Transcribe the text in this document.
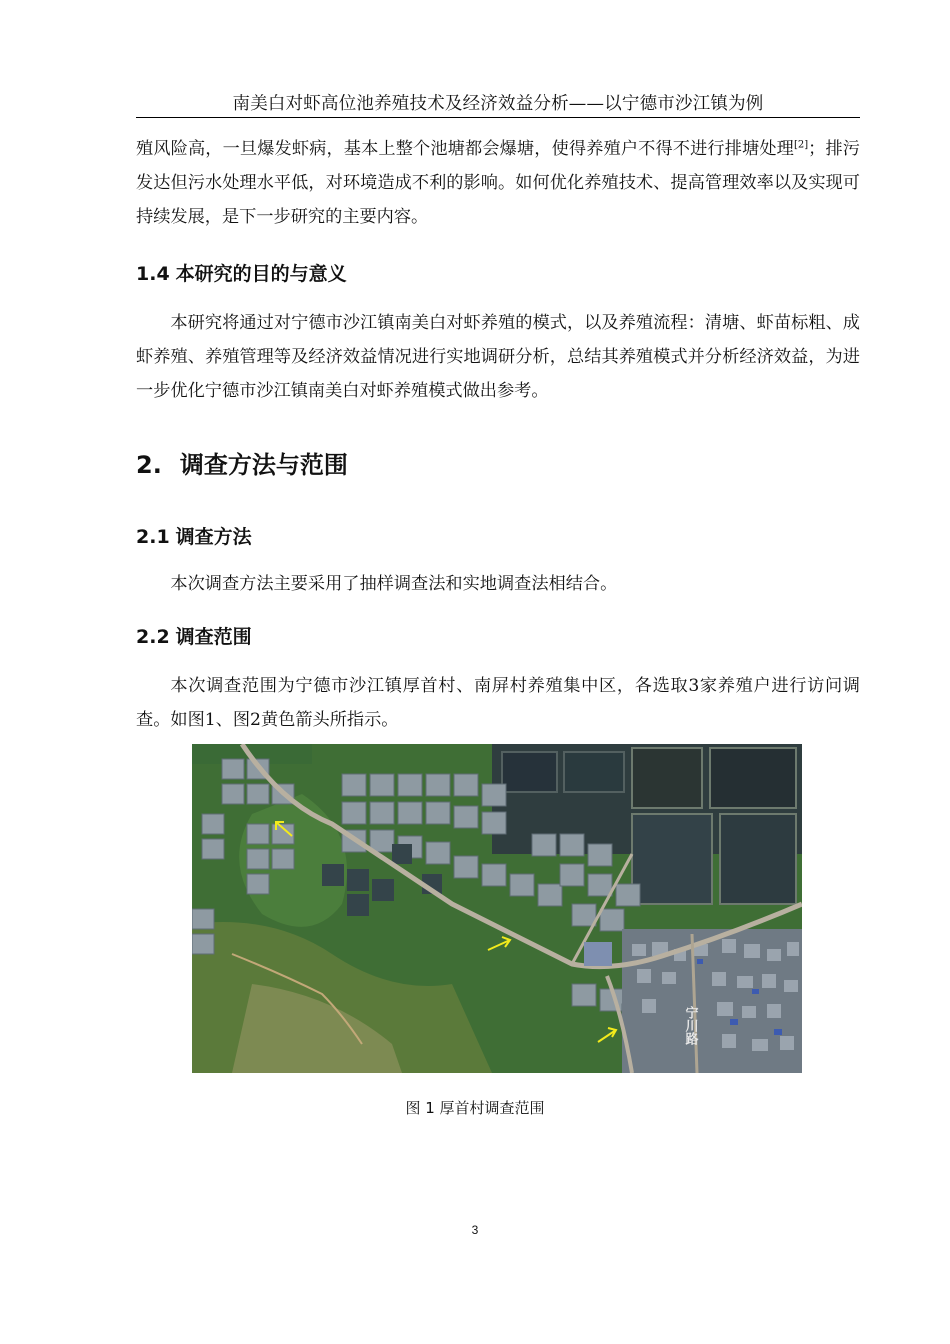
南美白对虾高位池养殖技术及经济效益分析——以宁德市沙江镇为例

殖风险高，一旦爆发虾病，基本上整个池塘都会爆塘，使得养殖户不得不进行排塘处理[2]；排污发达但污水处理水平低，对环境造成不利的影响。如何优化养殖技术、提高管理效率以及实现可持续发展，是下一步研究的主要内容。

1.4 本研究的目的与意义

本研究将通过对宁德市沙江镇南美白对虾养殖的模式，以及养殖流程：清塘、虾苗标粗、成虾养殖、养殖管理等及经济效益情况进行实地调研分析，总结其养殖模式并分析经济效益，为进一步优化宁德市沙江镇南美白对虾养殖模式做出参考。

2. 调查方法与范围
2.1 调查方法

本次调查方法主要采用了抽样调查法和实地调查法相结合。

2.2 调查范围

本次调查范围为宁德市沙江镇厚首村、南屏村养殖集中区，各选取3家养殖户进行访问调查。如图1、图2黄色箭头所指示。

宁川路
图 1 厚首村调查范围
3
